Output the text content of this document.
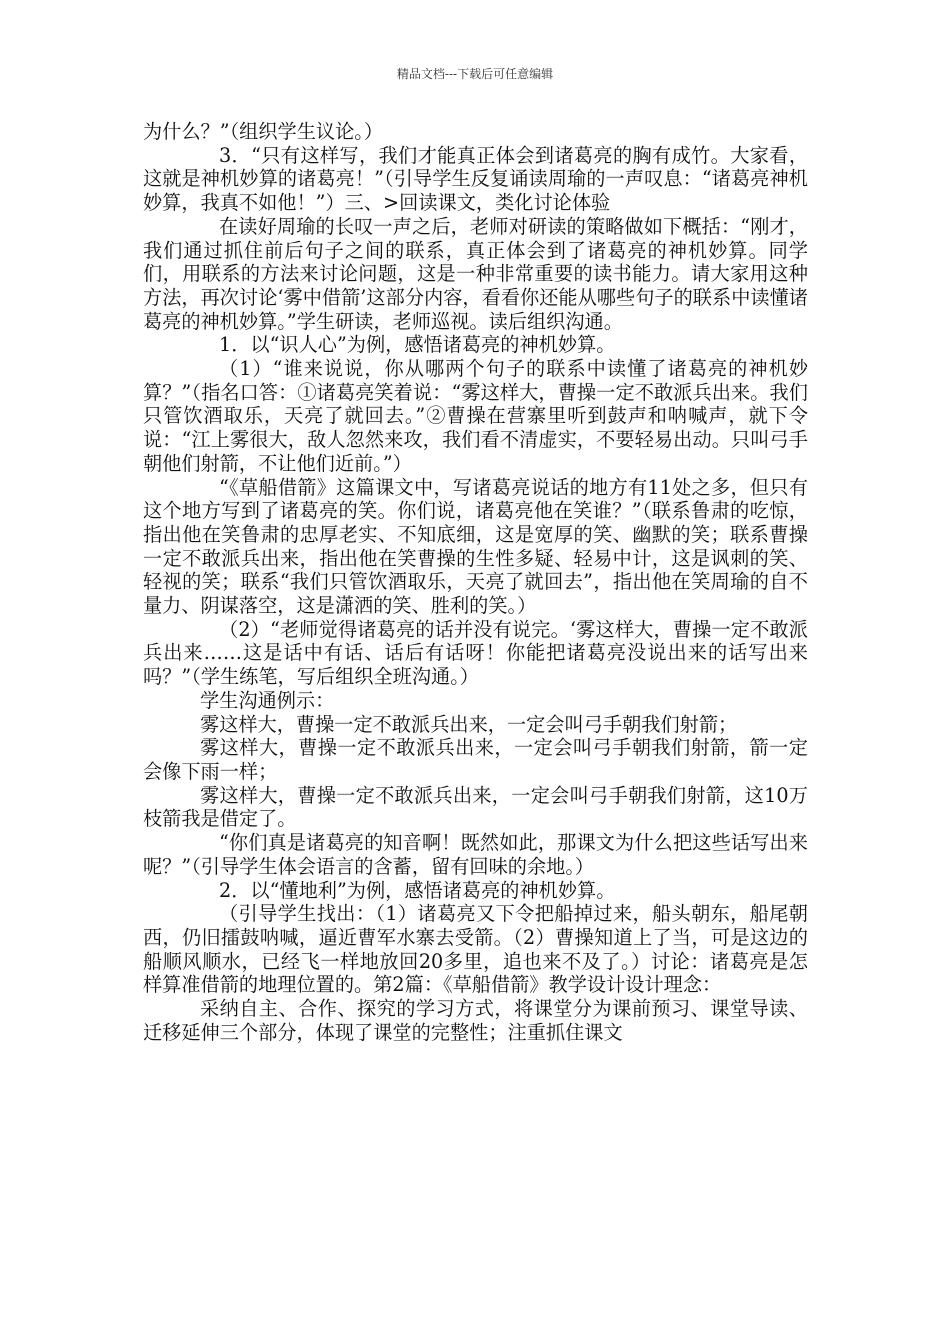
精品文档---下载后可任意编辑

为什么？”（组织学生议论。）

3．“只有这样写，我们才能真正体会到诸葛亮的胸有成竹。大家看，这就是神机妙算的诸葛亮！”（引导学生反复诵读周瑜的一声叹息：“诸葛亮神机妙算，我真不如他！”）三、>回读课文，类化讨论体验

在读好周瑜的长叹一声之后，老师对研读的策略做如下概括：“刚才，我们通过抓住前后句子之间的联系，真正体会到了诸葛亮的神机妙算。同学们，用联系的方法来讨论问题，这是一种非常重要的读书能力。请大家用这种方法，再次讨论‘雾中借箭’这部分内容，看看你还能从哪些句子的联系中读懂诸葛亮的神机妙算。”学生研读，老师巡视。读后组织沟通。

1．以“识人心”为例，感悟诸葛亮的神机妙算。

（1）“谁来说说，你从哪两个句子的联系中读懂了诸葛亮的神机妙算？”（指名口答：①诸葛亮笑着说：“雾这样大，曹操一定不敢派兵出来。我们只管饮酒取乐，天亮了就回去。”②曹操在营寨里听到鼓声和呐喊声，就下令说：“江上雾很大，敌人忽然来攻，我们看不清虚实，不要轻易出动。只叫弓手朝他们射箭，不让他们近前。”）

“《草船借箭》这篇课文中，写诸葛亮说话的地方有11处之多，但只有这个地方写到了诸葛亮的笑。你们说，诸葛亮他在笑谁？”（联系鲁肃的吃惊，指出他在笑鲁肃的忠厚老实、不知底细，这是宽厚的笑、幽默的笑；联系曹操一定不敢派兵出来，指出他在笑曹操的生性多疑、轻易中计，这是讽刺的笑、轻视的笑；联系“我们只管饮酒取乐，天亮了就回去”，指出他在笑周瑜的自不量力、阴谋落空，这是潇洒的笑、胜利的笑。）

（2）“老师觉得诸葛亮的话并没有说完。‘雾这样大，曹操一定不敢派兵出来……这是话中有话、话后有话呀！你能把诸葛亮没说出来的话写出来吗？”（学生练笔，写后组织全班沟通。）

学生沟通例示：

雾这样大，曹操一定不敢派兵出来，一定会叫弓手朝我们射箭；

雾这样大，曹操一定不敢派兵出来，一定会叫弓手朝我们射箭，箭一定会像下雨一样；

雾这样大，曹操一定不敢派兵出来，一定会叫弓手朝我们射箭，这10万枝箭我是借定了。

“你们真是诸葛亮的知音啊！既然如此，那课文为什么把这些话写出来呢？”（引导学生体会语言的含蓄，留有回味的余地。）

2．以“懂地利”为例，感悟诸葛亮的神机妙算。

（引导学生找出：（1）诸葛亮又下令把船掉过来，船头朝东，船尾朝西，仍旧擂鼓呐喊，逼近曹军水寨去受箭。（2）曹操知道上了当，可是这边的船顺风顺水，已经飞一样地放回20多里，追也来不及了。）讨论：诸葛亮是怎样算准借箭的地理位置的。第2篇：《草船借箭》教学设计设计理念：

采纳自主、合作、探究的学习方式，将课堂分为课前预习、课堂导读、迁移延伸三个部分，体现了课堂的完整性；注重抓住课文
